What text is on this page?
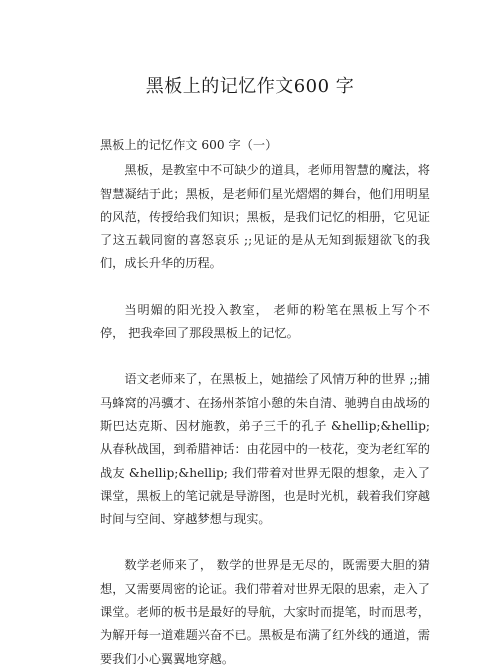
黑板上的记忆作文600 字

黑板上的记忆作文 600 字（一）

黑板，是教室中不可缺少的道具，老师用智慧的魔法，将智慧凝结于此；黑板，是老师们星光熠熠的舞台，他们用明星的风范，传授给我们知识；黑板，是我们记忆的相册，它见证了这五载同窗的喜怒哀乐 ;;见证的是从无知到振翅欲飞的我们，成长升华的历程。

当明媚的阳光投入教室， 老师的粉笔在黑板上写个不停， 把我牵回了那段黑板上的记忆。

语文老师来了，在黑板上，她描绘了风情万种的世界 ;;捕马蜂窝的冯骥才、在扬州茶馆小憩的朱自清、驰骋自由战场的斯巴达克斯、因材施教，弟子三千的孔子 &hellip;&hellip; 从春秋战国，到希腊神话：由花园中的一枝花，变为老红军的战友 &hellip;&hellip; 我们带着对世界无限的想象，走入了课堂，黑板上的笔记就是导游图，也是时光机，载着我们穿越时间与空间、穿越梦想与现实。

数学老师来了， 数学的世界是无尽的，既需要大胆的猜想，又需要周密的论证。我们带着对世界无限的思索，走入了课堂。老师的板书是最好的导航，大家时而提笔，时而思考，为解开每一道难题兴奋不已。黑板是布满了红外线的通道，需要我们小心翼翼地穿越。
